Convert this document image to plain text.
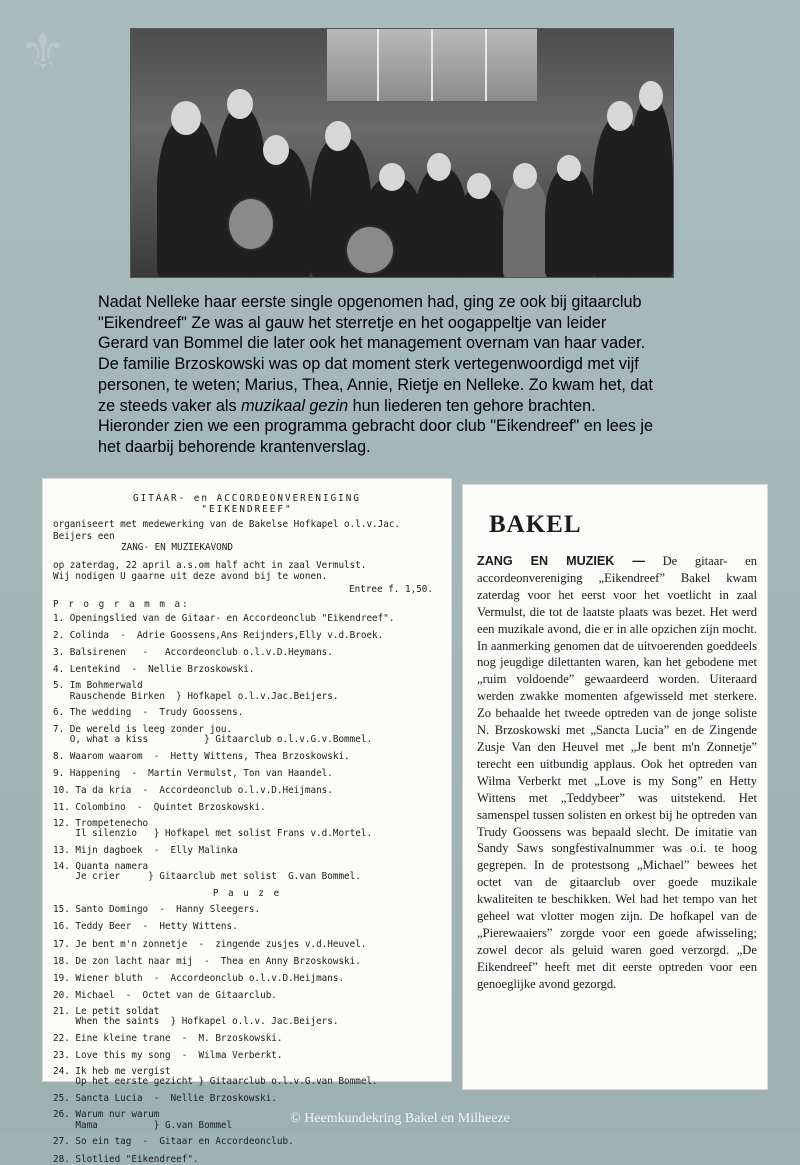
⚜
Nadat Nelleke haar eerste single opgenomen had, ging ze ook bij gitaarclub
"Eikendreef" Ze was al gauw het sterretje en het oogappeltje van leider
Gerard van Bommel die later ook het management overnam van haar vader.
De familie Brzoskowski was op dat moment sterk vertegenwoordigd met vijf
personen, te weten; Marius, Thea, Annie, Rietje en Nelleke. Zo kwam het, dat
ze steeds vaker als muzikaal gezin hun liederen ten gehore brachten.
Hieronder zien we een programma gebracht door club "Eikendreef" en lees je
het daarbij behorende krantenverslag.
GITAAR- en ACCORDEONVERENIGING
"EIKENDREEF"
organiseert met medewerking van de Bakelse Hofkapel o.l.v.Jac.
Beijers een
ZANG- EN MUZIEKAVOND
op zaterdag, 22 april a.s.om half acht in zaal Vermulst.
Wij nodigen U gaarne uit deze avond bij te wonen.
Entree f. 1,50.
P r o g r a m m a:
1. Openingslied van de Gitaar- en Accordeonclub "Eikendreef".
2. Colinda  -  Adrie Goossens,Ans Reijnders,Elly v.d.Broek.
3. Balsirenen   -   Accordeonclub o.l.v.D.Heymans.
4. Lentekind  -  Nellie Brzoskowski.
5. Im Bohmerwald
Rauschende Birken  } Hofkapel o.l.v.Jac.Beijers.
6. The wedding  -  Trudy Goossens.
7. De wereld is leeg zonder jou.
O, what a kiss          } Gitaarclub o.l.v.G.v.Bommel.
8. Waarom waarom  -  Hetty Wittens, Thea Brzoskowski.
9. Happening  -  Martin Vermulst, Ton van Haandel.
10. Ta da kria  -  Accordeonclub o.l.v.D.Heijmans.
11. Colombino  -  Quintet Brzoskowski.
12. Trompetenecho
Il silenzio   } Hofkapel met solist Frans v.d.Mortel.
13. Mijn dagboek  -  Elly Malinka
14. Quanta namera
Je crier     } Gitaarclub met solist  G.van Bommel.
P a u z e
15. Santo Domingo  -  Hanny Sleegers.
16. Teddy Beer  -  Hetty Wittens.
17. Je bent m'n zonnetje  -  zingende zusjes v.d.Heuvel.
18. De zon lacht naar mij  -  Thea en Anny Brzoskowski.
19. Wiener bluth  -  Accordeonclub o.l.v.D.Heijmans.
20. Michael  -  Octet van de Gitaarclub.
21. Le petit soldat
When the saints  } Hofkapel o.l.v. Jac.Beijers.
22. Eine kleine trane  -  M. Brzoskowski.
23. Love this my song  -  Wilma Verberkt.
24. Ik heb me vergist
Op het eerste gezicht } Gitaarclub o.l.v.G.van Bommel.
25. Sancta Lucia  -  Nellie Brzoskowski.
26. Warum nur warum
Mama          } G.van Bommel
27. So ein tag  -  Gitaar en Accordeonclub.
28. Slotlied "Eikendreef".
BAKEL
ZANG EN MUZIEK — De gitaar- en accordeonvereniging „Eikendreef” Bakel kwam zaterdag voor het eerst voor het voetlicht in zaal Vermulst, die tot de laatste plaats was bezet. Het werd een muzikale avond, die er in alle opzichen zijn mocht. In aanmerking genomen dat de uitvoerenden goeddeels nog jeugdige dilettanten waren, kan het gebodene met „ruim voldoende” gewaardeerd worden. Uiteraard werden zwakke momenten afgewisseld met sterkere. Zo behaalde het tweede optreden van de jonge soliste N. Brzoskowski met „Sancta Lucia” en de Zingende Zusje Van den Heuvel met „Je bent m'n Zonnetje” terecht een uitbundig applaus. Ook het optreden van Wilma Verberkt met „Love is my Song” en Hetty Wittens met „Teddybeer” was uitstekend. Het samenspel tussen solisten en orkest bij he optreden van Trudy Goossens was bepaald slecht. De imitatie van Sandy Saws songfestivalnummer was o.i. te hoog gegrepen. In de protestsong „Michael” bewees het octet van de gitaarclub over goede muzikale kwaliteiten te beschikken. Wel had het tempo van het geheel wat vlotter mogen zijn. De hofkapel van de „Pierewaaiers” zorgde voor een goede afwisseling; zowel decor als geluid waren goed verzorgd. „De Eikendreef” heeft met dit eerste optreden voor een genoeglijke avond gezorgd.
© Heemkundekring Bakel en Milheeze
